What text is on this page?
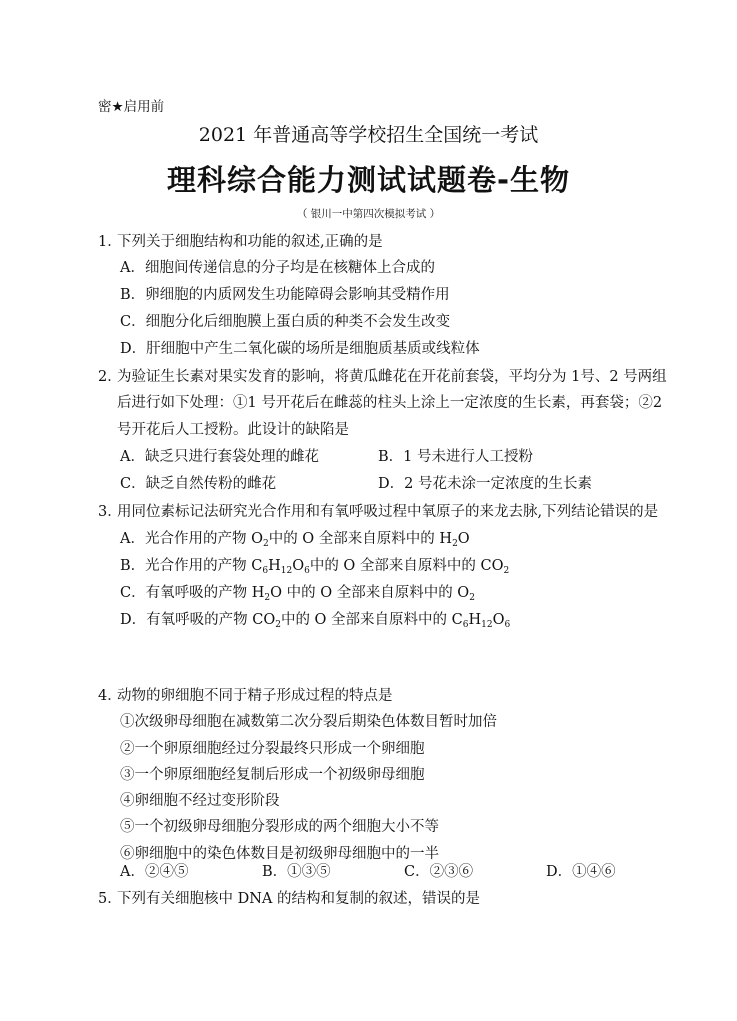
密★启用前
2021 年普通高等学校招生全国统一考试
理科综合能力测试试题卷-生物
（ 银川一中第四次模拟考试 ）
1．
下列关于细胞结构和功能的叙述,正确的是
A．细胞间传递信息的分子均是在核糖体上合成的
B．卵细胞的内质网发生功能障碍会影响其受精作用
C．细胞分化后细胞膜上蛋白质的种类不会发生改变
D．肝细胞中产生二氧化碳的场所是细胞质基质或线粒体
2．
为验证生长素对果实发育的影响，将黄瓜雌花在开花前套袋，平均分为 1号、2 号两组
后进行如下处理：①1 号开花后在雌蕊的柱头上涂上一定浓度的生长素，再套袋；②2
号开花后人工授粉。此设计的缺陷是
A．缺乏只进行套袋处理的雌花	B．1 号未进行人工授粉
C．缺乏自然传粉的雌花	D．2 号花未涂一定浓度的生长素
3．
用同位素标记法研究光合作用和有氧呼吸过程中氧原子的来龙去脉,下列结论错误的是
A．光合作用的产物 $O_2$中的 O 全部来自原料中的 $H_2O$
B．光合作用的产物 $C_6H_{12}O_6$中的 O 全部来自原料中的 $CO_2$
C．有氧呼吸的产物 $H_2O$ 中的 O 全部来自原料中的 $O_2$
D．有氧呼吸的产物 $CO_2$中的 O 全部来自原料中的 $C_6H_{12}O_6$
4．
动物的卵细胞不同于精子形成过程的特点是
①次级卵母细胞在减数第二次分裂后期染色体数目暂时加倍
②一个卵原细胞经过分裂最终只形成一个卵细胞
③一个卵原细胞经复制后形成一个初级卵母细胞
④卵细胞不经过变形阶段
⑤一个初级卵母细胞分裂形成的两个细胞大小不等
⑥卵细胞中的染色体数目是初级卵母细胞中的一半
A．②④⑤	B．①③⑤	C．②③⑥	D．①④⑥
5．
下列有关细胞核中 DNA 的结构和复制的叙述，错误的是
